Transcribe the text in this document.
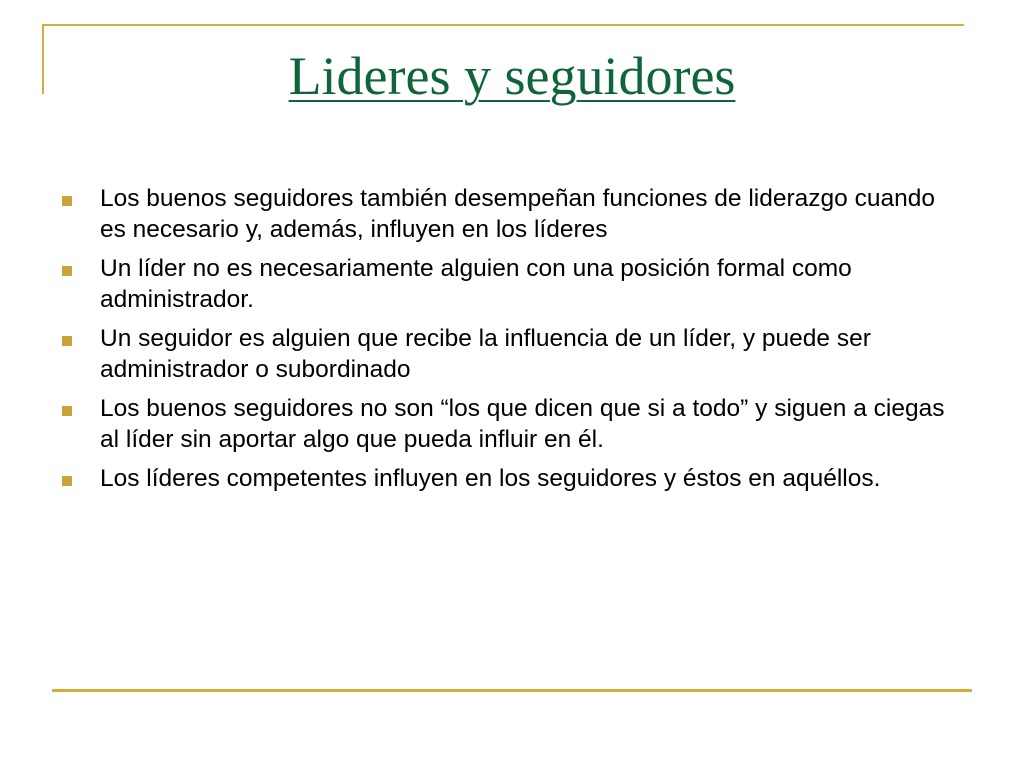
Lideres y seguidores
Los buenos seguidores también desempeñan funciones de liderazgo cuando es necesario y, además, influyen en los líderes
Un líder no es necesariamente alguien con una posición formal como administrador.
Un seguidor es alguien que recibe la influencia de un líder, y puede ser administrador o subordinado
Los buenos seguidores no son “los que dicen que si a todo” y siguen a ciegas al líder sin aportar algo que pueda influir en él.
Los líderes competentes influyen en los seguidores y éstos en aquéllos.
